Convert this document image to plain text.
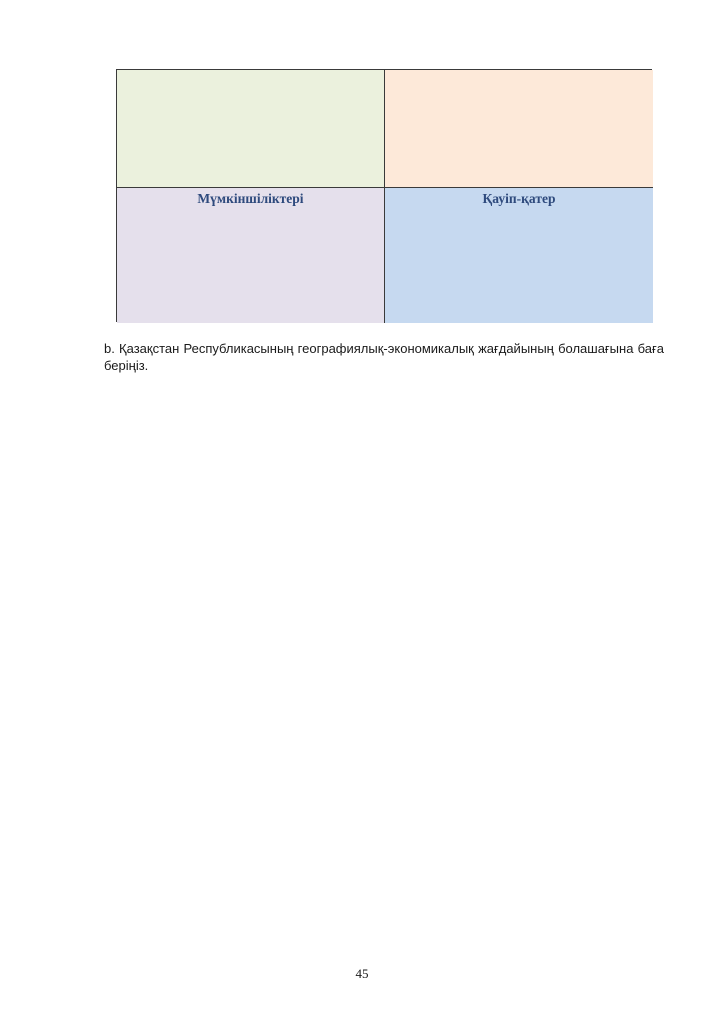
Мүмкіншіліктері	Қауіп-қатер

b. Қазақстан Республикасының географиялық-экономикалық жағдайының болашағына баға беріңіз.

45
